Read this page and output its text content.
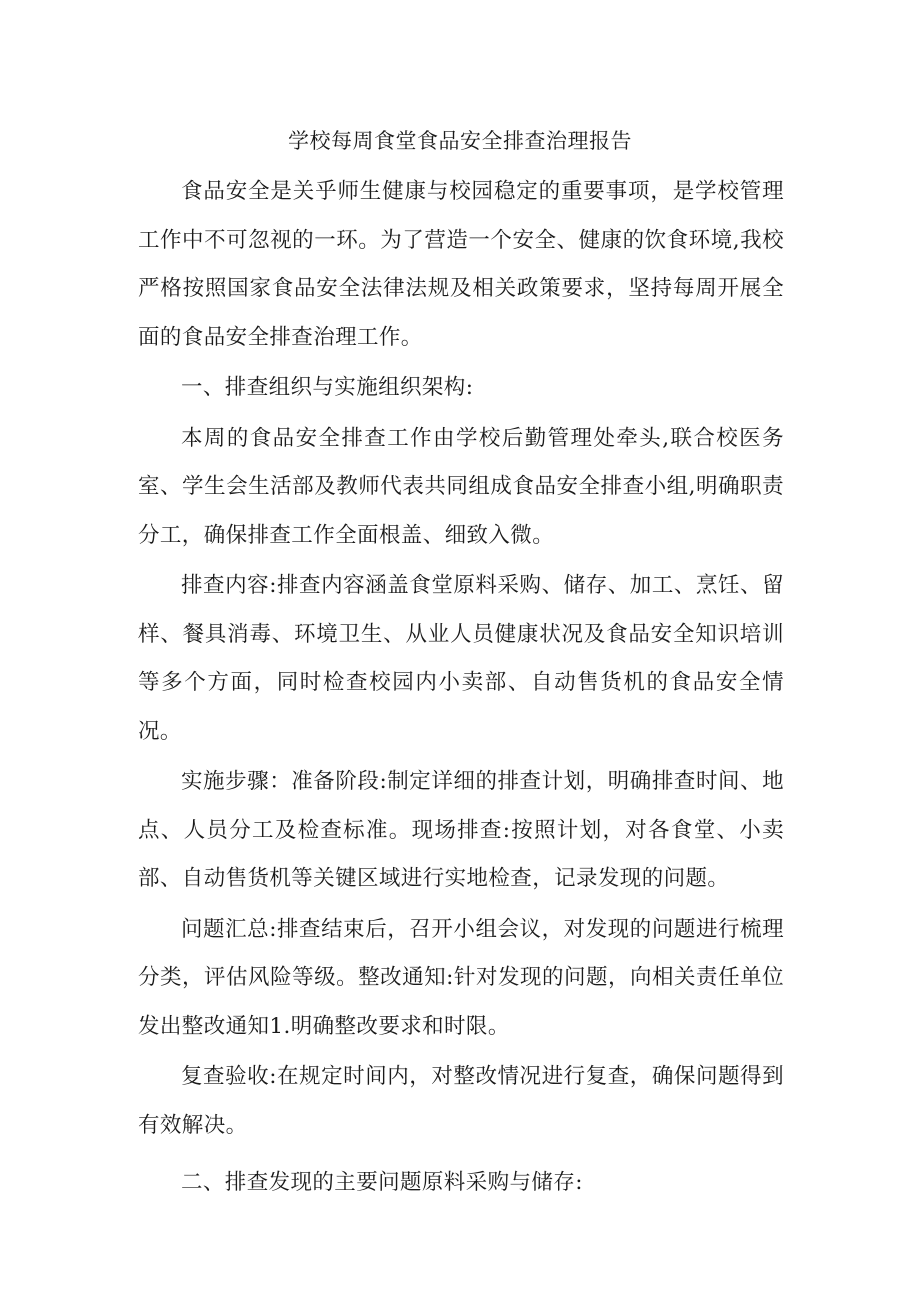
学校每周食堂食品安全排查治理报告

食品安全是关乎师生健康与校园稳定的重要事项，是学校管理工作中不可忽视的一环。为了营造一个安全、健康的饮食环境,我校严格按照国家食品安全法律法规及相关政策要求，坚持每周开展全面的食品安全排查治理工作。

一、排查组织与实施组织架构:

本周的食品安全排查工作由学校后勤管理处牵头,联合校医务室、学生会生活部及教师代表共同组成食品安全排查小组,明确职责分工，确保排查工作全面根盖、细致入微。

排查内容:排查内容涵盖食堂原料采购、储存、加工、烹饪、留样、餐具消毒、环境卫生、从业人员健康状况及食品安全知识培训等多个方面，同时检查校园内小卖部、自动售货机的食品安全情况。

实施步骤：准备阶段:制定详细的排查计划，明确排查时间、地点、人员分工及检查标准。现场排查:按照计划，对各食堂、小卖部、自动售货机等关键区域进行实地检查，记录发现的问题。

问题汇总:排查结束后，召开小组会议，对发现的问题进行梳理分类，评估风险等级。整改通知:针对发现的问题，向相关责任单位发出整改通知1.明确整改要求和时限。

复查验收:在规定时间内，对整改情况进行复查，确保问题得到有效解决。

二、排查发现的主要问题原料采购与储存:
